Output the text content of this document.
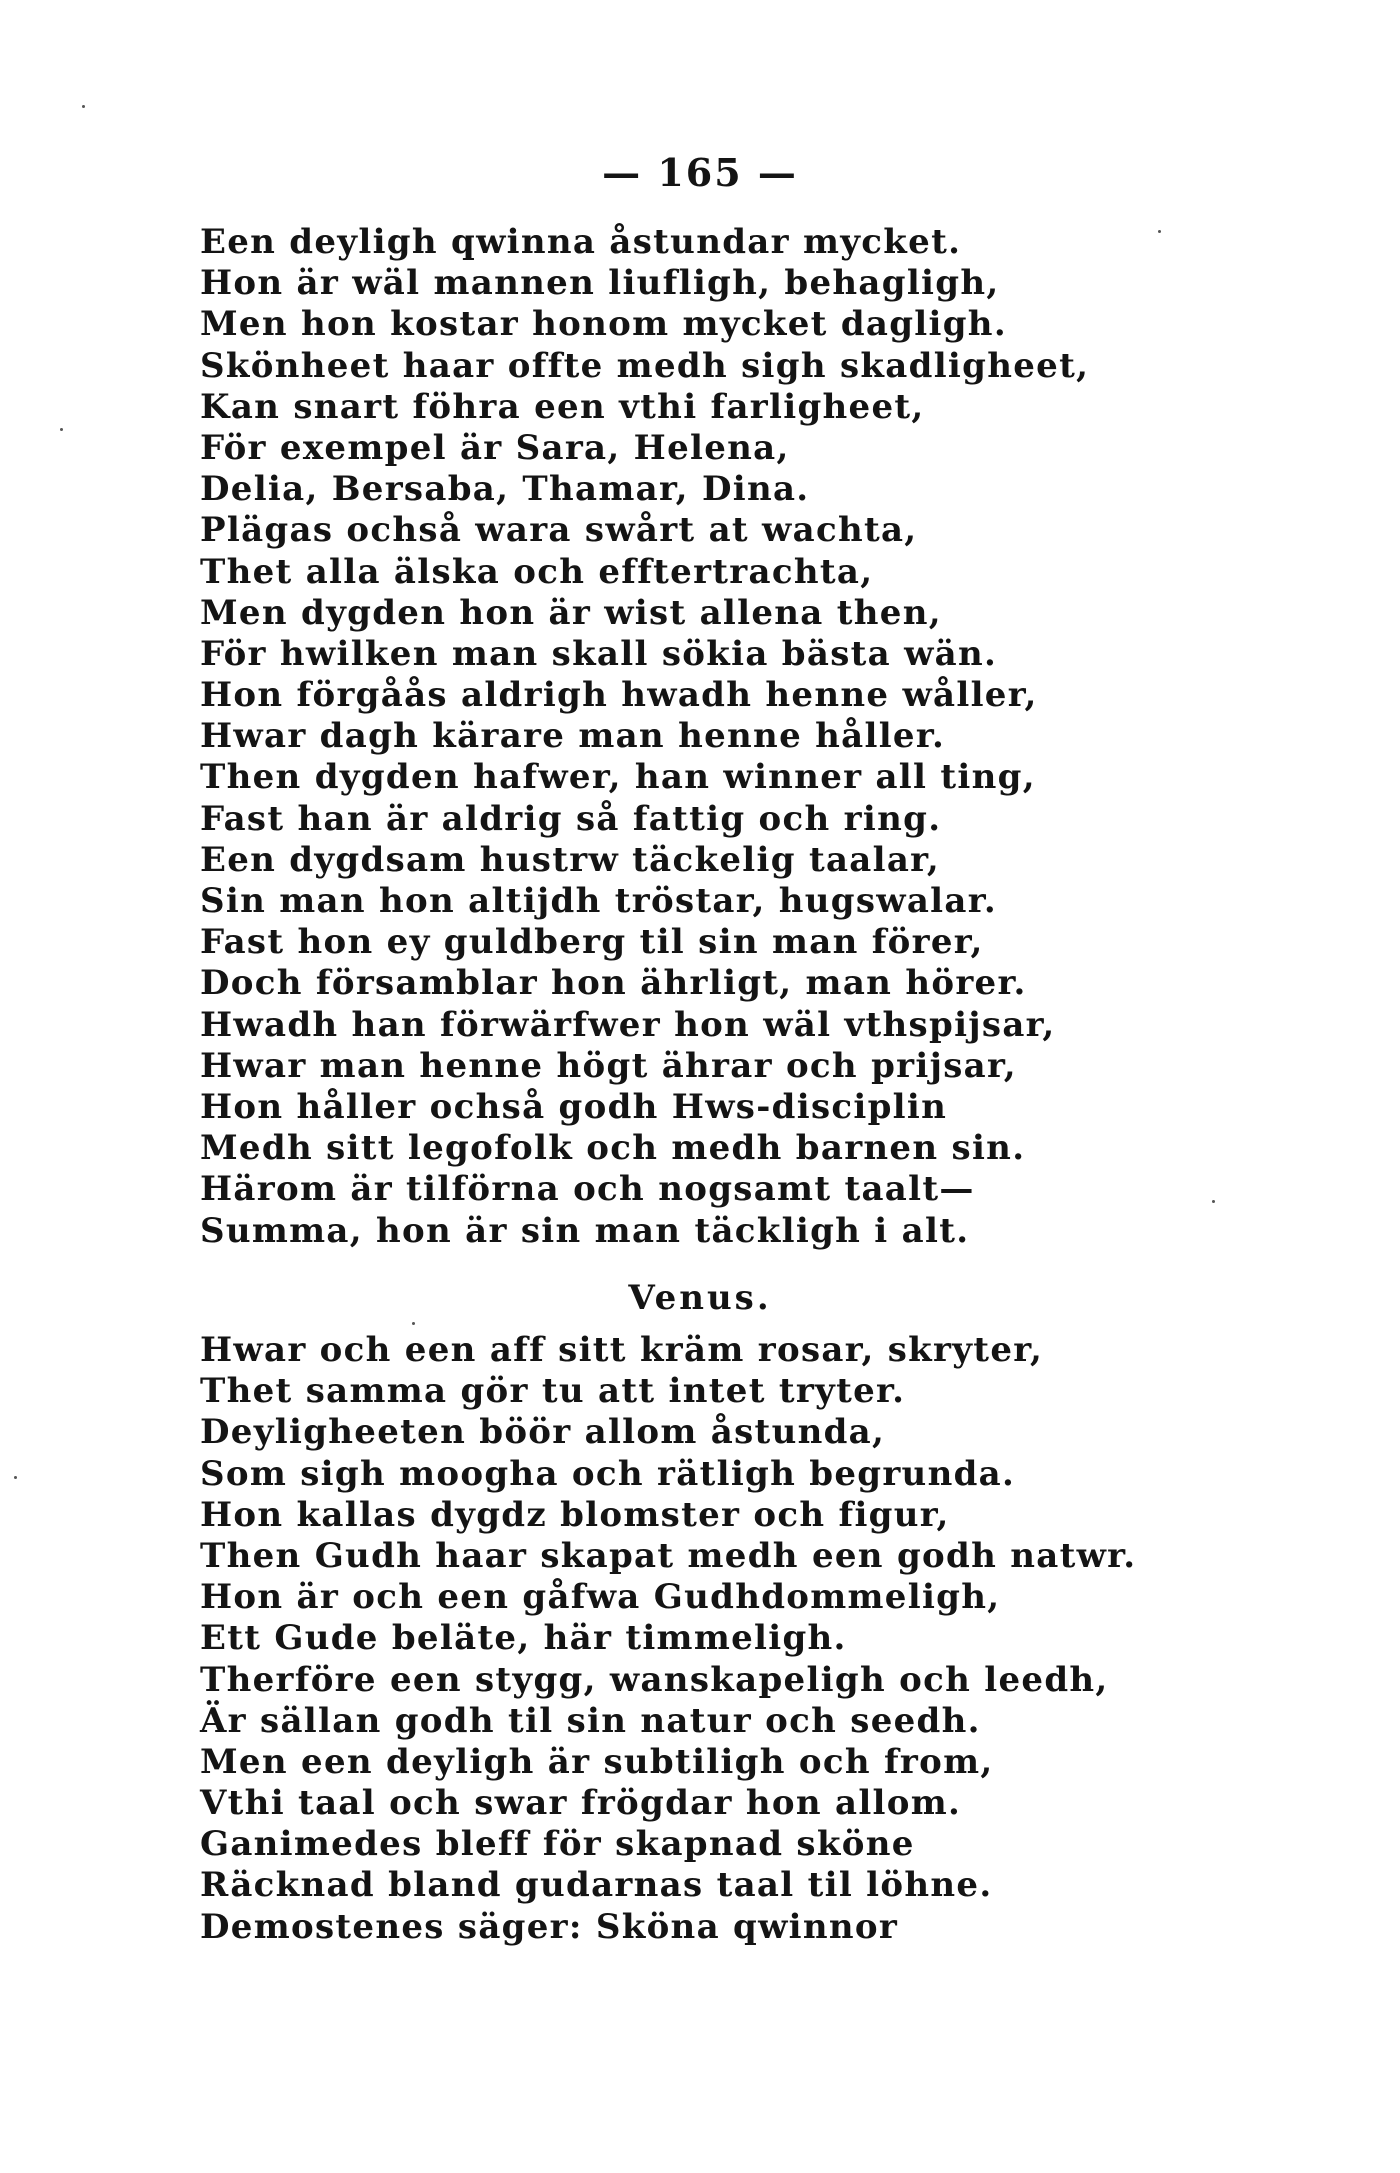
— 165 —
Een deyligh qwinna åstundar mycket.
Hon är wäl mannen liufligh, behagligh,
Men hon kostar honom mycket dagligh.
Skönheet haar offte medh sigh skadligheet,
Kan snart föhra een vthi farligheet,
För exempel är Sara, Helena,
Delia, Bersaba, Thamar, Dina.
Plägas ochså wara swårt at wachta,
Thet alla älska och efftertrachta,
Men dygden hon är wist allena then,
För hwilken man skall sökia bästa wän.
Hon förgåås aldrigh hwadh henne wåller,
Hwar dagh kärare man henne håller.
Then dygden hafwer, han winner all ting,
Fast han är aldrig så fattig och ring.
Een dygdsam hustrw täckelig taalar,
Sin man hon altijdh tröstar, hugswalar.
Fast hon ey guldberg til sin man förer,
Doch församblar hon ährligt, man hörer.
Hwadh han förwärfwer hon wäl vthspijsar,
Hwar man henne högt ährar och prijsar,
Hon håller ochså godh Hws-disciplin
Medh sitt legofolk och medh barnen sin.
Härom är tilförna och nogsamt taalt—
Summa, hon är sin man täckligh i alt.
Venus.
Hwar och een aff sitt kräm rosar, skryter,
Thet samma gör tu att intet tryter.
Deyligheeten böör allom åstunda,
Som sigh moogha och rätligh begrunda.
Hon kallas dygdz blomster och figur,
Then Gudh haar skapat medh een godh natwr.
Hon är och een gåfwa Gudhdommeligh,
Ett Gude beläte, här timmeligh.
Therföre een stygg, wanskapeligh och leedh,
Är sällan godh til sin natur och seedh.
Men een deyligh är subtiligh och from,
Vthi taal och swar frögdar hon allom.
Ganimedes bleff för skapnad sköne
Räcknad bland gudarnas taal til löhne.
Demostenes säger: Sköna qwinnor
